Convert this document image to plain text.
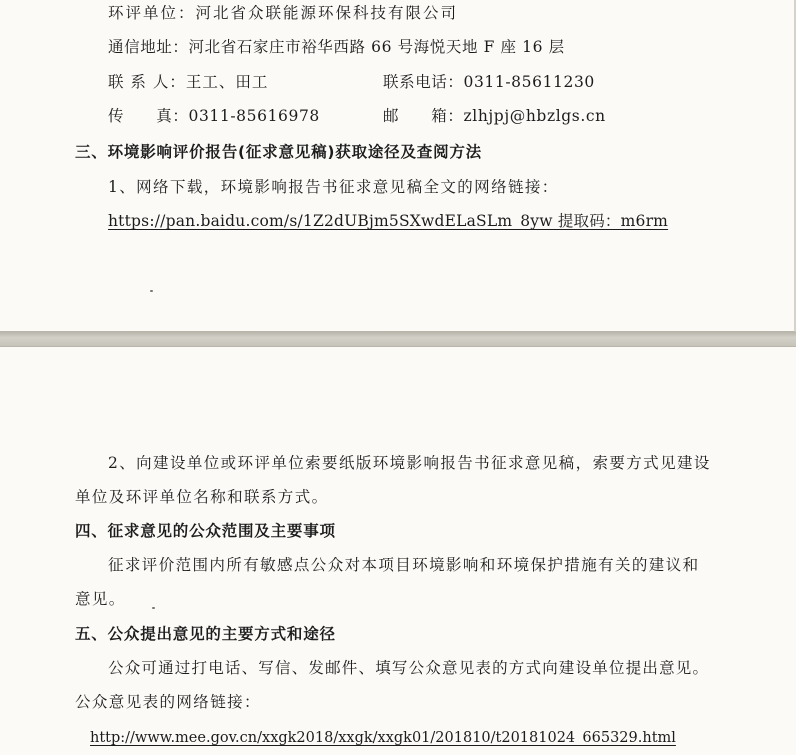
环评单位：河北省众联能源环保科技有限公司
通信地址：河北省石家庄市裕华西路 66 号海悦天地 F 座 16 层
联 系 人：王工、田工	联系电话：0311-85611230
传　　真：0311-85616978	邮　　箱：zlhjpj@hbzlgs.cn
三、环境影响评价报告(征求意见稿)获取途径及查阅方法
1、网络下载，环境影响报告书征求意见稿全文的网络链接：
https://pan.baidu.com/s/1Z2dUBjm5SXwdELaSLm_8yw 提取码：m6rm
2、向建设单位或环评单位索要纸版环境影响报告书征求意见稿，索要方式见建设
单位及环评单位名称和联系方式。
四、征求意见的公众范围及主要事项
征求评价范围内所有敏感点公众对本项目环境影响和环境保护措施有关的建议和
意见。
五、公众提出意见的主要方式和途径
公众可通过打电话、写信、发邮件、填写公众意见表的方式向建设单位提出意见。
公众意见表的网络链接：
http://www.mee.gov.cn/xxgk2018/xxgk/xxgk01/201810/t20181024_665329.html
